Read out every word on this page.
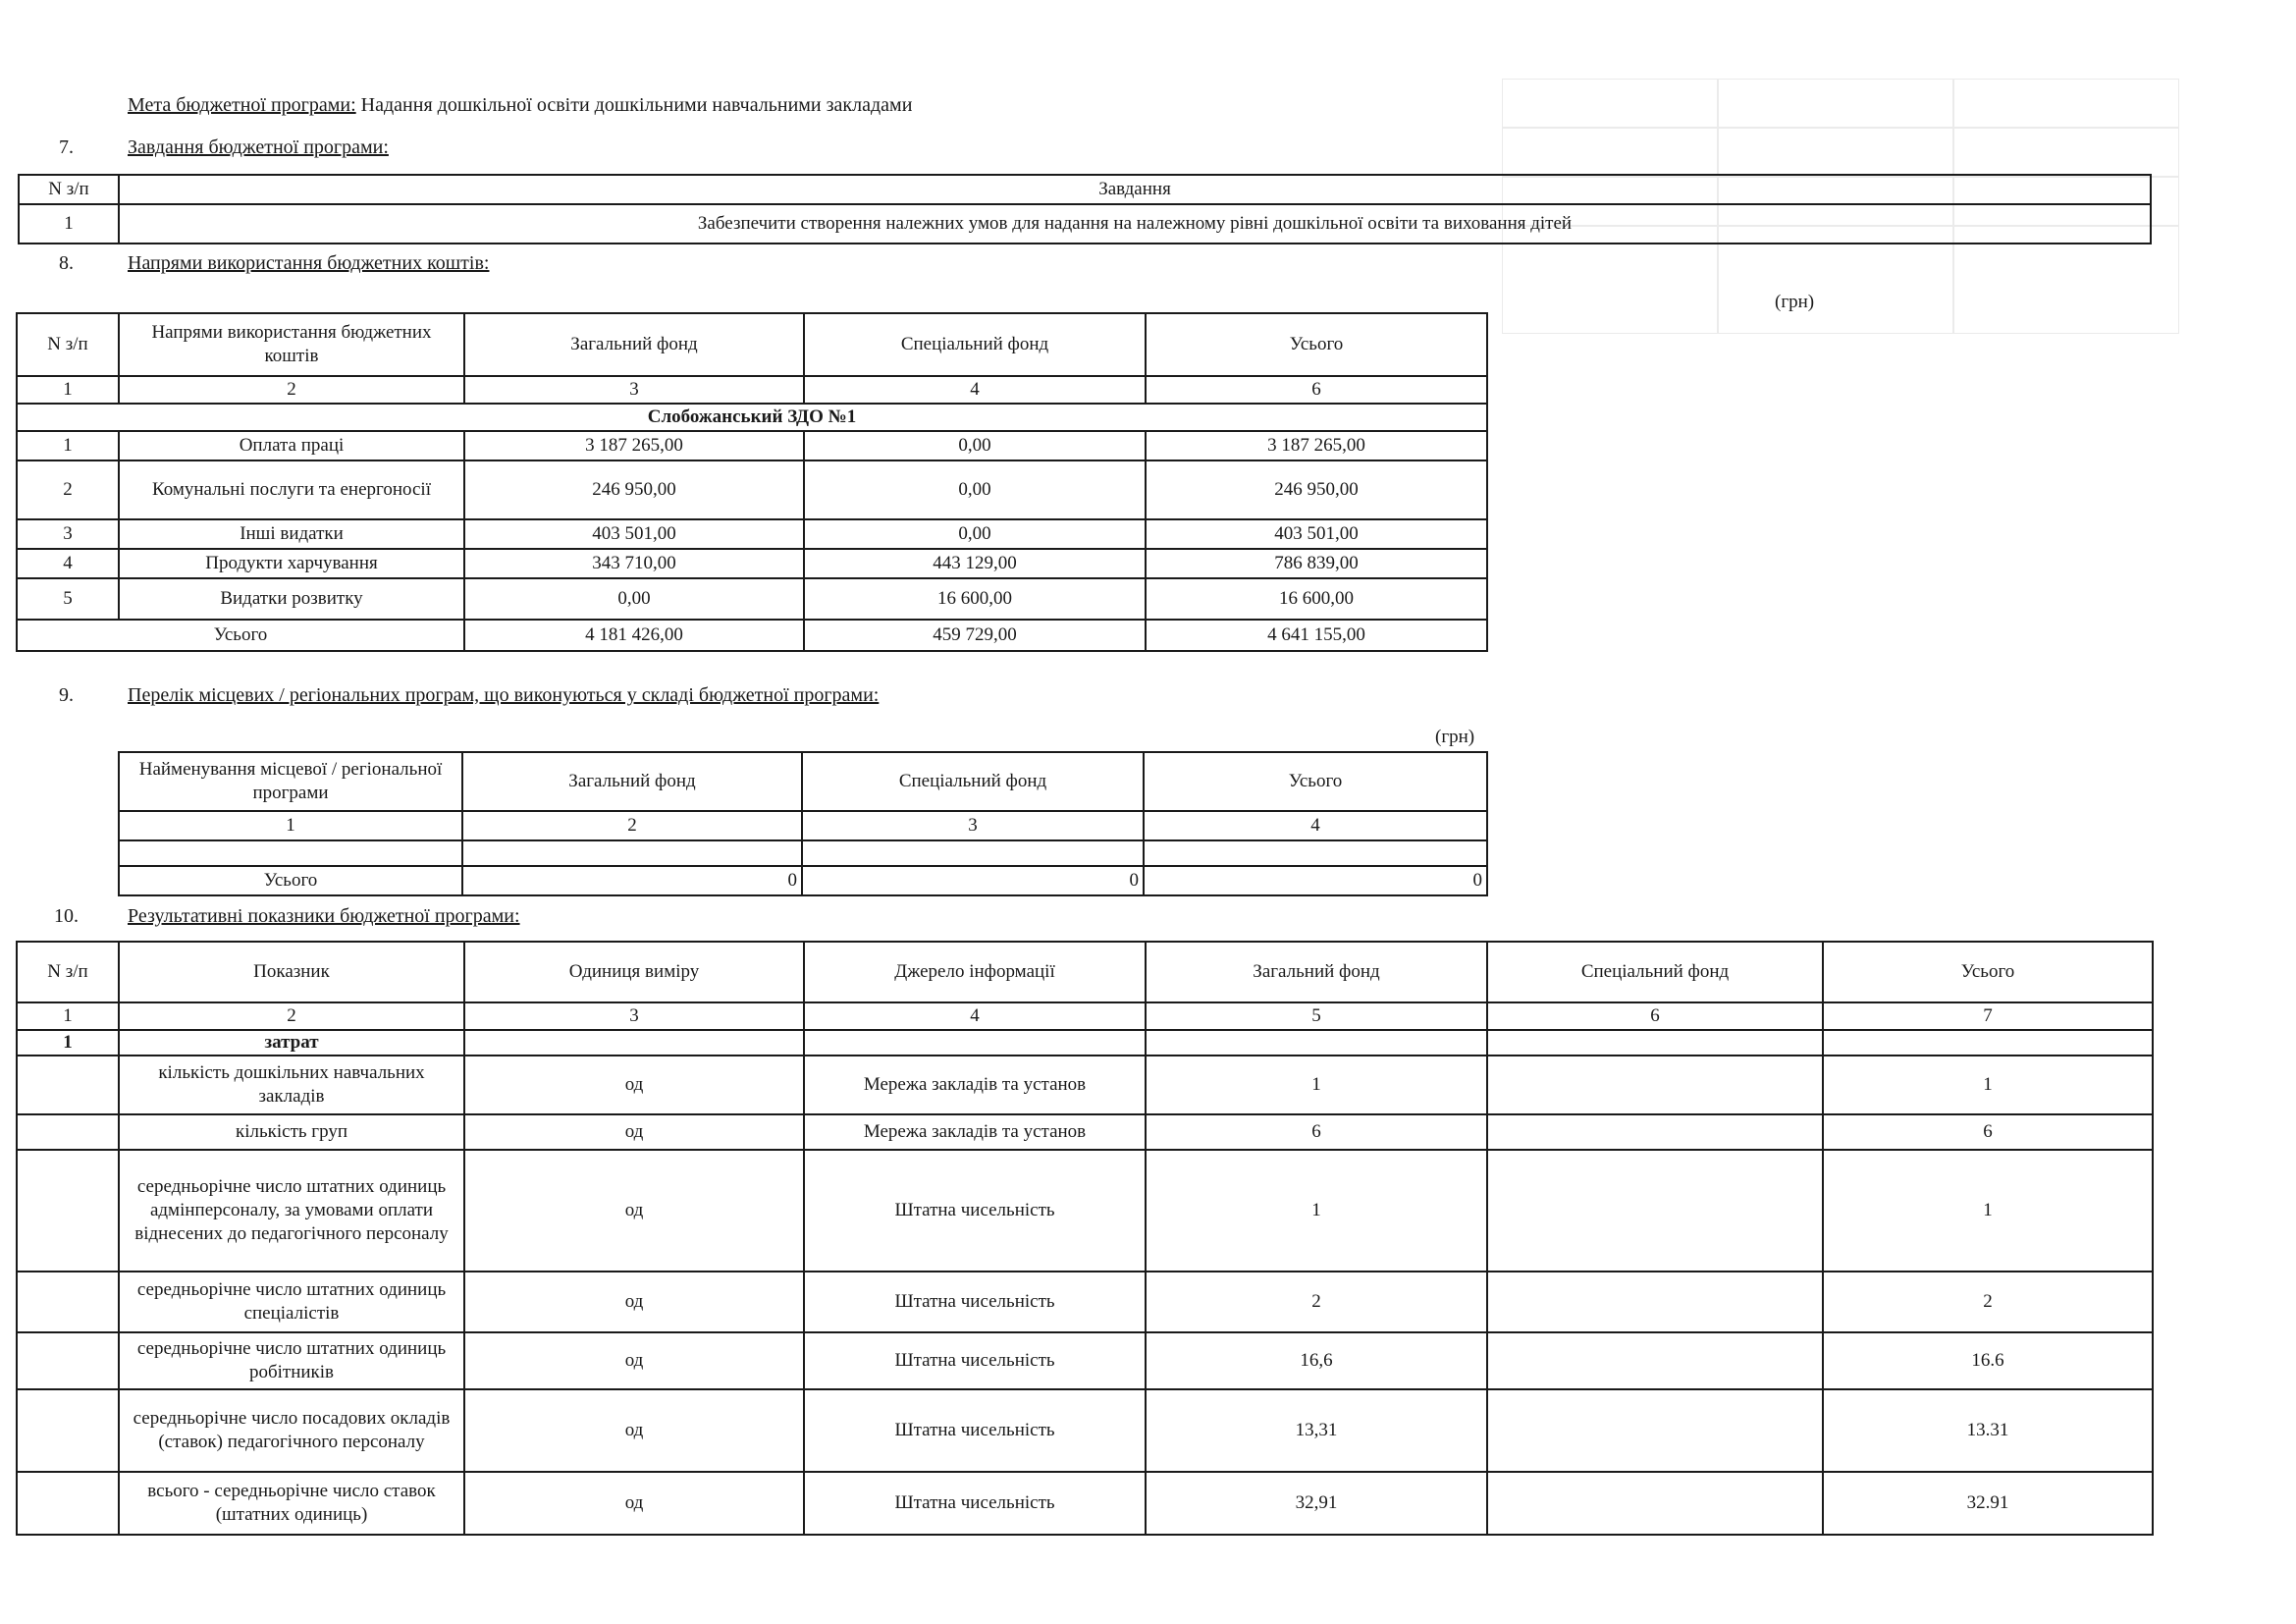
Мета бюджетної програми: Надання дошкільної освіти дошкільними навчальними закладами
7.	Завдання бюджетної програми:
N з/п	Завдання
1	Забезпечити створення належних умов для надання на належному рівні дошкільної освіти та виховання дітей
8.	Напрями використання бюджетних коштів:
(грн)
N з/п	Напрями використання бюджетних коштів	Загальний фонд	Спеціальний фонд	Усього
1	2	3	4	6
Слобожанський ЗДО №1				
1	Оплата праці	3 187 265,00	0,00	3 187 265,00
2	Комунальні послуги та енергоносії	246 950,00	0,00	246 950,00
3	Інші видатки	403 501,00	0,00	403 501,00
4	Продукти харчування	343 710,00	443 129,00	786 839,00
5	Видатки розвитку	0,00	16 600,00	16 600,00
Усього		4 181 426,00	459 729,00	4 641 155,00
9.	Перелік місцевих / регіональних програм, що виконуються у складі бюджетної програми:
(грн)
Найменування місцевої / регіональної програми	Загальний фонд	Спеціальний фонд	Усього
1	2	3	4

Усього	0	0	0
10.	Результативні показники бюджетної програми:
N з/п	Показник	Одиниця виміру	Джерело інформації	Загальний фонд	Спеціальний фонд	Усього
1	2	3	4	5	6	7
1	затрат					
	кількість дошкільних навчальних закладів	од	Мережа закладів та установ	1		1
	кількість груп	од	Мережа закладів та установ	6		6
	середньорічне число штатних одиниць адмінперсоналу, за умовами оплати віднесених до педагогічного персоналу	од	Штатна чисельність	1		1
	середньорічне число штатних одиниць спеціалістів	од	Штатна чисельність	2		2
	середньорічне число штатних одиниць робітників	од	Штатна чисельність	16,6		16.6
	середньорічне число посадових окладів (ставок) педагогічного персоналу	од	Штатна чисельність	13,31		13.31
	всього - середньорічне число ставок (штатних одиниць)	од	Штатна чисельність	32,91		32.91
